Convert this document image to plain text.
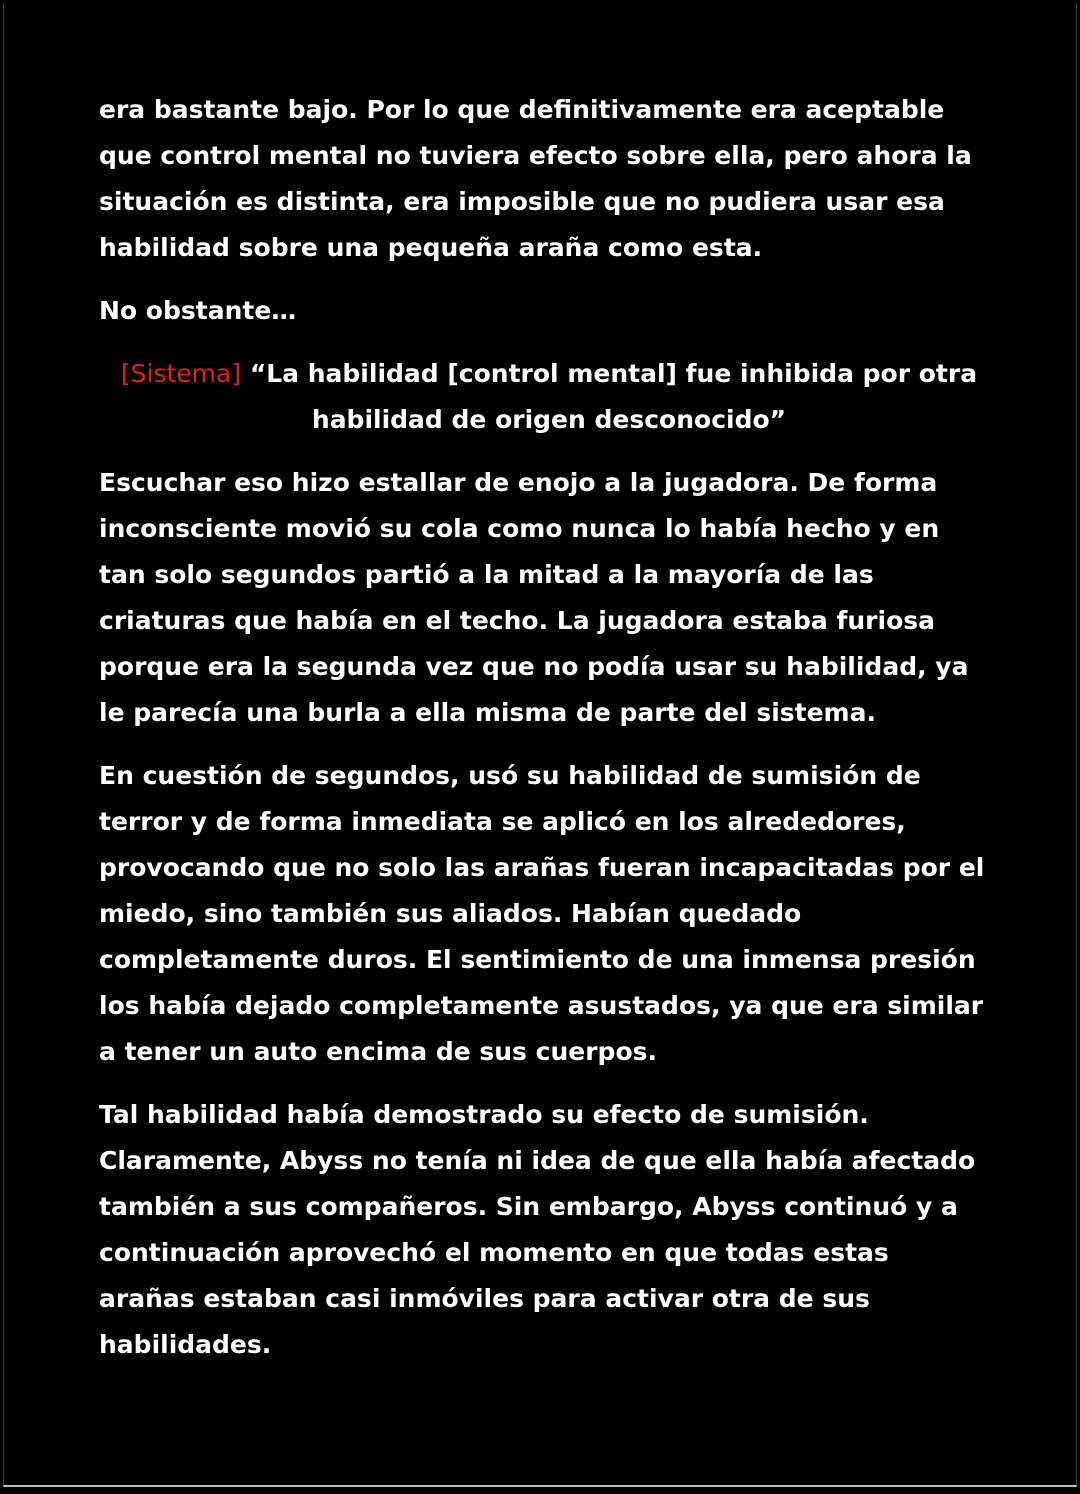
era bastante bajo. Por lo que definitivamente era aceptable que control mental no tuviera efecto sobre ella, pero ahora la situación es distinta, era imposible que no pudiera usar esa habilidad sobre una pequeña araña como esta.

No obstante…

[Sistema] “La habilidad [control mental] fue inhibida por otra habilidad de origen desconocido”

Escuchar eso hizo estallar de enojo a la jugadora. De forma inconsciente movió su cola como nunca lo había hecho y en tan solo segundos partió a la mitad a la mayoría de las criaturas que había en el techo. La jugadora estaba furiosa porque era la segunda vez que no podía usar su habilidad, ya le parecía una burla a ella misma de parte del sistema.

En cuestión de segundos, usó su habilidad de sumisión de terror y de forma inmediata se aplicó en los alrededores, provocando que no solo las arañas fueran incapacitadas por el miedo, sino también sus aliados. Habían quedado completamente duros. El sentimiento de una inmensa presión los había dejado completamente asustados, ya que era similar a tener un auto encima de sus cuerpos.

Tal habilidad había demostrado su efecto de sumisión. Claramente, Abyss no tenía ni idea de que ella había afectado también a sus compañeros. Sin embargo, Abyss continuó y a continuación aprovechó el momento en que todas estas arañas estaban casi inmóviles para activar otra de sus habilidades.
